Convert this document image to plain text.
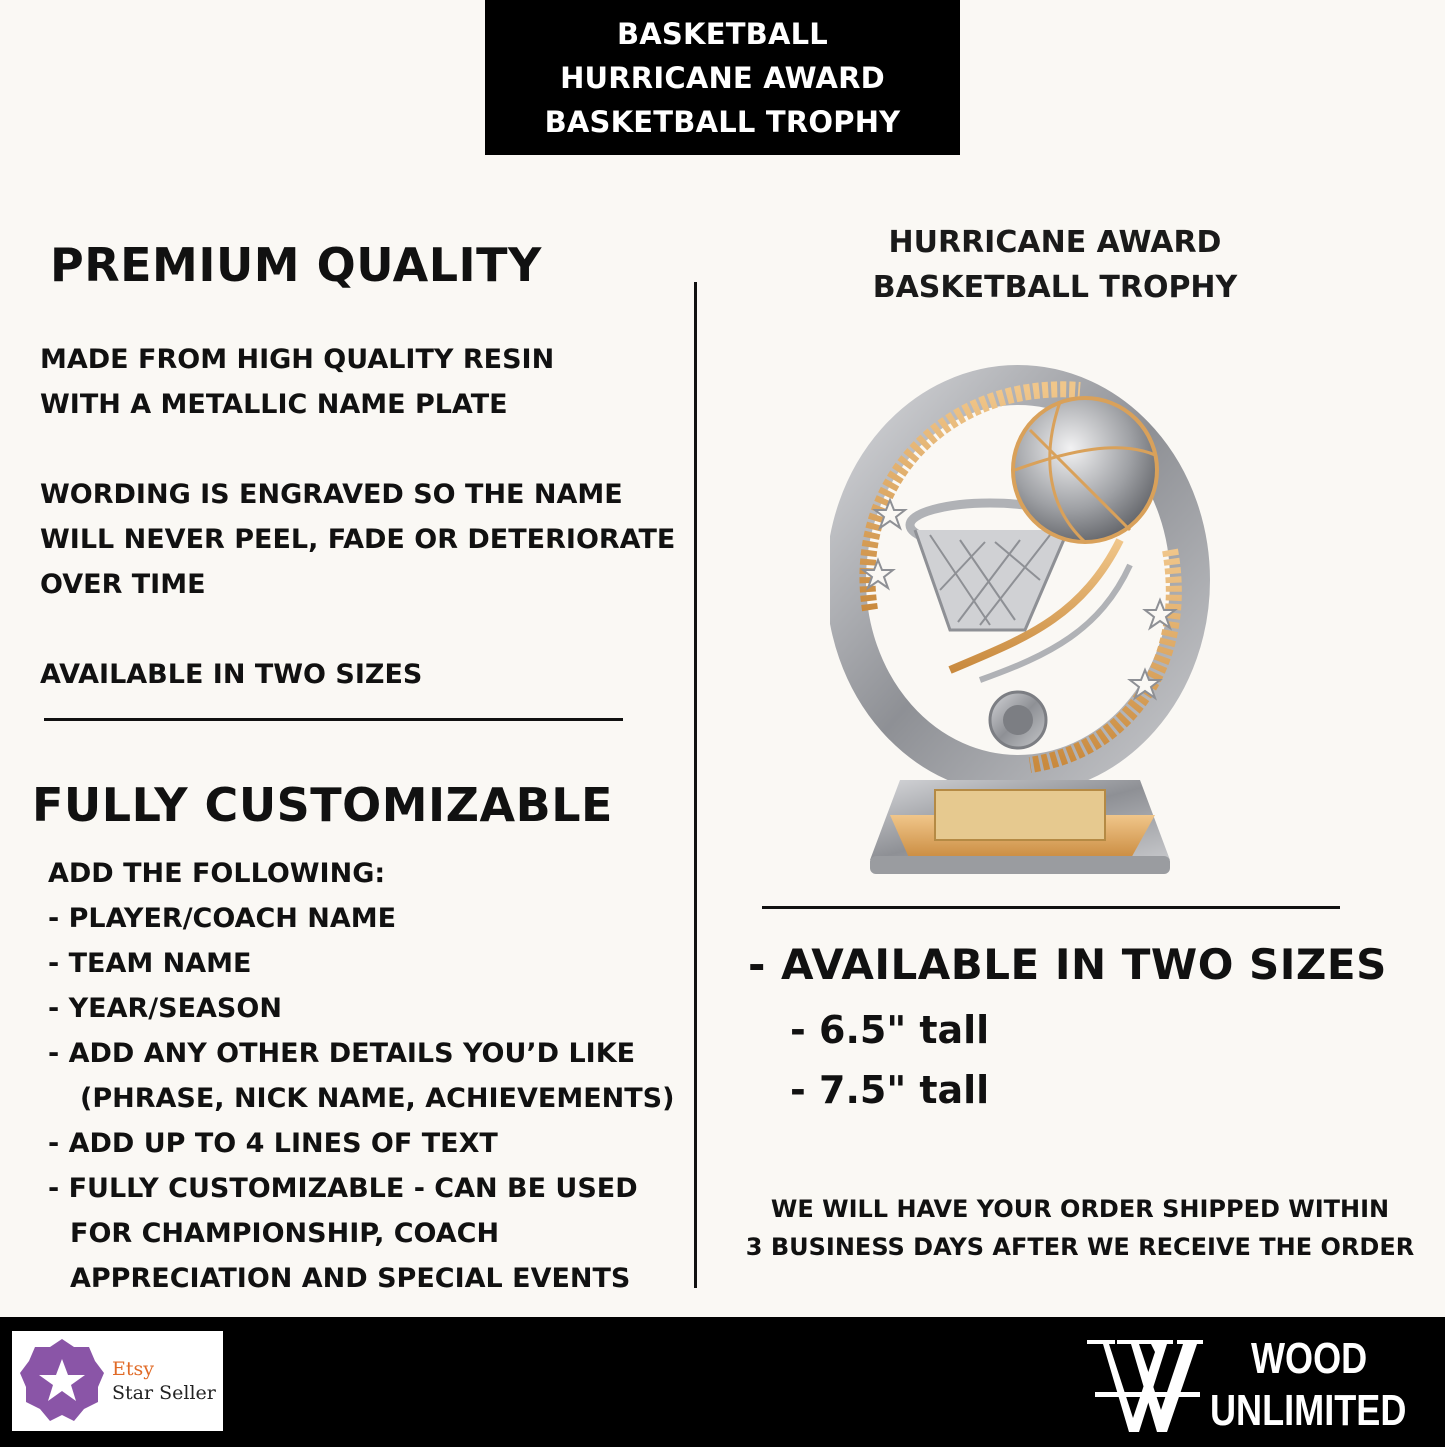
BASKETBALL
HURRICANE AWARD
BASKETBALL TROPHY
PREMIUM QUALITY
MADE FROM HIGH QUALITY RESIN
WITH A METALLIC NAME PLATE
WORDING IS ENGRAVED SO THE NAME
WILL NEVER PEEL, FADE OR DETERIORATE
OVER TIME
AVAILABLE IN TWO SIZES
FULLY CUSTOMIZABLE
ADD THE FOLLOWING:
- PLAYER/COACH NAME
- TEAM NAME
- YEAR/SEASON
- ADD ANY OTHER DETAILS YOU’D LIKE
(PHRASE, NICK NAME, ACHIEVEMENTS)
- ADD UP TO 4 LINES OF TEXT
- FULLY CUSTOMIZABLE - CAN BE USED
FOR CHAMPIONSHIP, COACH
APPRECIATION AND SPECIAL EVENTS
HURRICANE AWARD
BASKETBALL TROPHY
- AVAILABLE IN TWO SIZES
- 6.5" tall
- 7.5" tall
WE WILL HAVE YOUR ORDER SHIPPED WITHIN
3 BUSINESS DAYS AFTER WE RECEIVE THE ORDER
Etsy
Star Seller
WOOD
UNLIMITED
